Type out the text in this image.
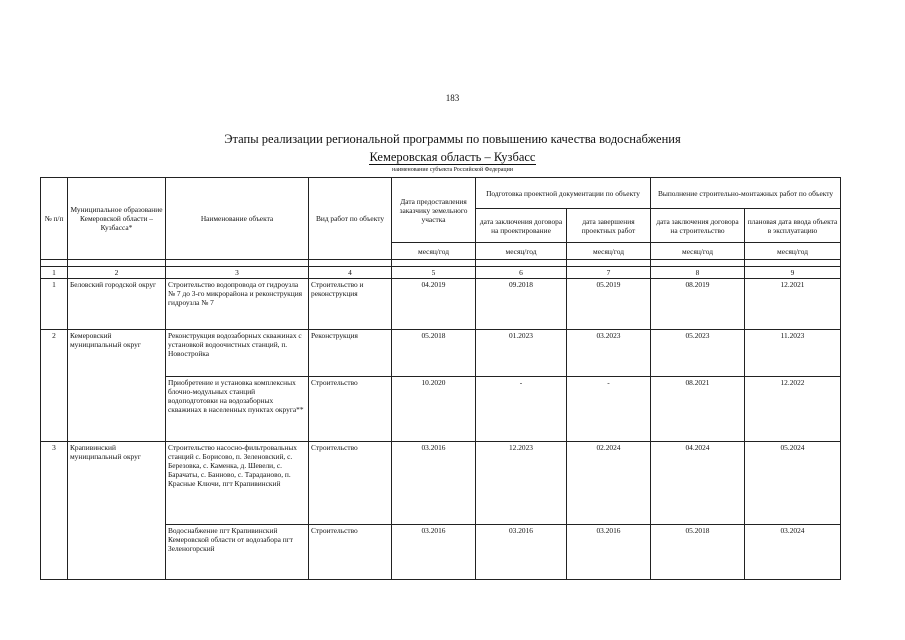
183
Этапы реализации региональной программы по повышению качества водоснабжения
Кемеровская область – Кузбасс
наименование субъекта Российской Федерации
№ п/п	Муниципальное образование Кемеровской области – Кузбасса*	Наименование объекта	Вид работ по объекту	Дата предоставления заказчику земельного участка	Подготовка проектной документации по объекту		Выполнение строительно-монтажных работ по объекту	
					дата заключения договора на проектирование	дата завершения проектных работ	дата заключения договора на строительство	плановая дата ввода объекта в эксплуатацию
				месяц/год	месяц/год	месяц/год	месяц/год	месяц/год

1	2	3	4	5	6	7	8	9
1	Беловский городской округ	Строительство водопровода от гидроузла № 7 до 3-го микрорайона и реконструкция гидроузла № 7	Строительство и реконструкция	04.2019	09.2018	05.2019	08.2019	12.2021
2	Кемеровский муниципальный округ	Реконструкция водозаборных скважинах с установкой водоочистных станций, п. Новостройка	Реконструкция	05.2018	01.2023	03.2023	05.2023	11.2023
		Приобретение и установка комплексных блочно-модульных станций водоподготовки на водозаборных скважинах в населенных пунктах округа**	Строительство	10.2020	-	-	08.2021	12.2022
3	Крапивинский муниципальный округ	Строительство насосно-фильтровальных станций с. Борисово, п. Зеленовский, с. Березовка, с. Каменка, д. Шевели, с. Барачаты, с. Банново, с. Тараданово, п. Красные Ключи, пгт Крапивинский	Строительство	03.2016	12.2023	02.2024	04.2024	05.2024
		Водоснабжение пгт Крапивинский Кемеровской области от водозабора пгт Зеленогорский	Строительство	03.2016	03.2016	03.2016	05.2018	03.2024
